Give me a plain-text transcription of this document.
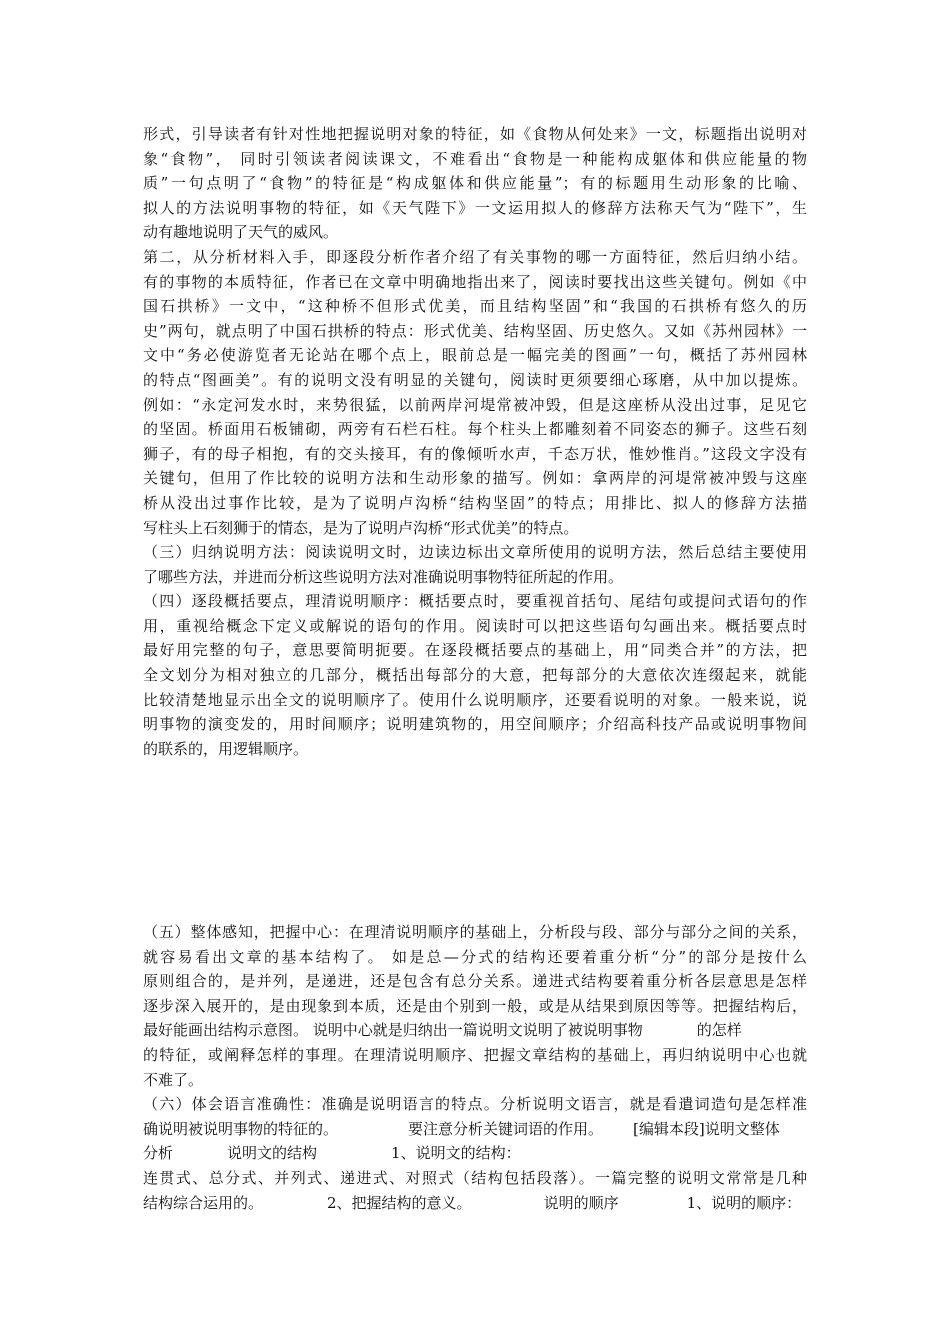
形式，引导读者有针对性地把握说明对象的特征，如《食物从何处来》一文，标题指出说明对
象“食物”， 同时引领读者阅读课文，不难看出“食物是一种能构成躯体和供应能量的物
质”一句点明了“食物”的特征是“构成躯体和供应能量”；有的标题用生动形象的比喻、
拟人的方法说明事物的特征，如《天气陛下》一文运用拟人的修辞方法称天气为“陛下”，生
动有趣地说明了天气的威风。
第二，从分析材料入手，即逐段分析作者介绍了有关事物的哪一方面特征，然后归纳小结。
有的事物的本质特征，作者已在文章中明确地指出来了，阅读时要找出这些关键句。例如《中
国石拱桥》一文中，“这种桥不但形式优美，而且结构坚固”和“我国的石拱桥有悠久的历
史”两句，就点明了中国石拱桥的特点：形式优美、结构坚固、历史悠久。又如《苏州园林》一
文中“务必使游览者无论站在哪个点上，眼前总是一幅完美的图画”一句，概括了苏州园林
的特点“图画美”。有的说明文没有明显的关键句，阅读时更须要细心琢磨，从中加以提炼。
例如：“永定河发水时，来势很猛，以前两岸河堤常被冲毁，但是这座桥从没出过事，足见它
的坚固。桥面用石板铺砌，两旁有石栏石柱。每个柱头上都雕刻着不同姿态的狮子。这些石刻
狮子，有的母子相抱，有的交头接耳，有的像倾听水声，千态万状，惟妙惟肖。”这段文字没有
关键句，但用了作比较的说明方法和生动形象的描写。例如：拿两岸的河堤常被冲毁与这座
桥从没出过事作比较，是为了说明卢沟桥“结构坚固”的特点；用排比、拟人的修辞方法描
写柱头上石刻狮于的情态，是为了说明卢沟桥“形式优美”的特点。
（三）归纳说明方法：阅读说明文时，边读边标出文章所使用的说明方法，然后总结主要使用
了哪些方法，并进而分析这些说明方法对准确说明事物特征所起的作用。
（四）逐段概括要点，理清说明顺序：概括要点时，要重视首括句、尾结句或提问式语句的作
用，重视给概念下定义或解说的语句的作用。阅读时可以把这些语句勾画出来。概括要点时
最好用完整的句子，意思要简明扼要。在逐段概括要点的基础上，用“同类合并”的方法，把
全文划分为相对独立的几部分，概括出每部分的大意，把每部分的大意依次连缀起来，就能
比较清楚地显示出全文的说明顺序了。使用什么说明顺序，还要看说明的对象。一般来说，说
明事物的演变发的，用时间顺序；说明建筑物的，用空间顺序；介绍高科技产品或说明事物间
的联系的，用逻辑顺序。
（五）整体感知，把握中心：在理清说明顺序的基础上，分析段与段、部分与部分之间的关系，
就容易看出文章的基本结构了。 如是总—分式的结构还要着重分析“分”的部分是按什么
原则组合的，是并列，是递进，还是包含有总分关系。递进式结构要着重分析各层意思是怎样
逐步深入展开的，是由现象到本质，还是由个别到一般，或是从结果到原因等等。把握结构后，
最好能画出结构示意图。 说明中心就是归纳出一篇说明文说明了被说明事物	的怎样
的特征，或阐释怎样的事理。在理清说明顺序、把握文章结构的基础上，再归纳说明中心也就
不难了。
（六）体会语言准确性：准确是说明语言的特点。分析说明文语言，就是看遣词造句是怎样准
确说明被说明事物的特征的。	要注意分析关键词语的作用。 [编辑本段]说明文整体
分析	说明文的结构	1、说明文的结构：
连贯式、总分式、并列式、递进式、对照式（结构包括段落）。一篇完整的说明文常常是几种
结构综合运用的。	2、把握结构的意义。	说明的顺序	1、说明的顺序：
